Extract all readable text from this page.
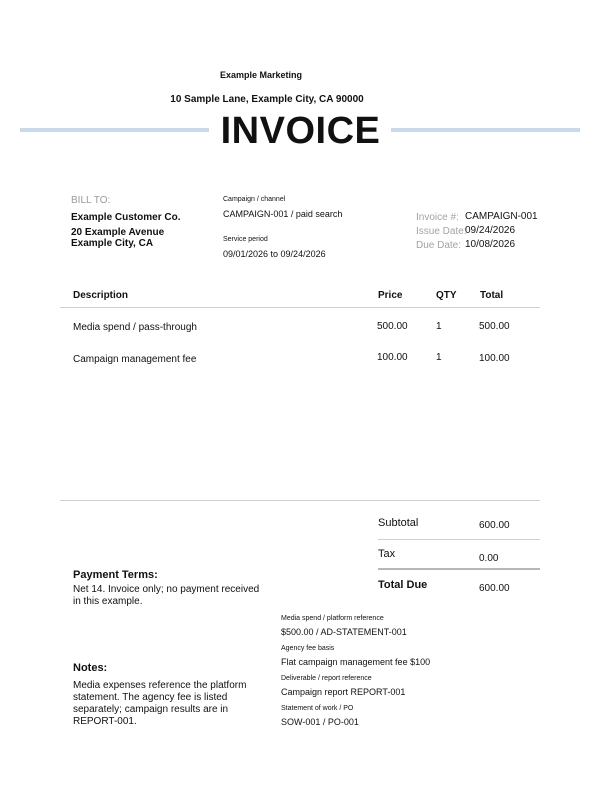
Example Marketing
10 Sample Lane, Example City, CA 90000
INVOICE
BILL TO:
Example Customer Co.
20 Example Avenue
Example City, CA
Campaign / channel
CAMPAIGN-001 / paid search
Service period
09/01/2026 to 09/24/2026
Invoice #: CAMPAIGN-001
Issue Date:
09/24/2026
Due Date: 10/08/2026
Description	Price	QTY Total
Media spend / pass-through	500.00	1	500.00
Campaign management fee	100.00	1	100.00
Subtotal	600.00
Tax	0.00
Total Due	600.00
Payment Terms:
Net 14. Invoice only; no payment received in this example.
Notes:
Media expenses reference the platform statement. The agency fee is listed separately; campaign results are in REPORT-001.
Media spend / platform reference
$500.00 / AD-STATEMENT-001
Agency fee basis
Flat campaign management fee $100
Deliverable / report reference
Campaign report REPORT-001
Statement of work / PO
SOW-001 / PO-001
